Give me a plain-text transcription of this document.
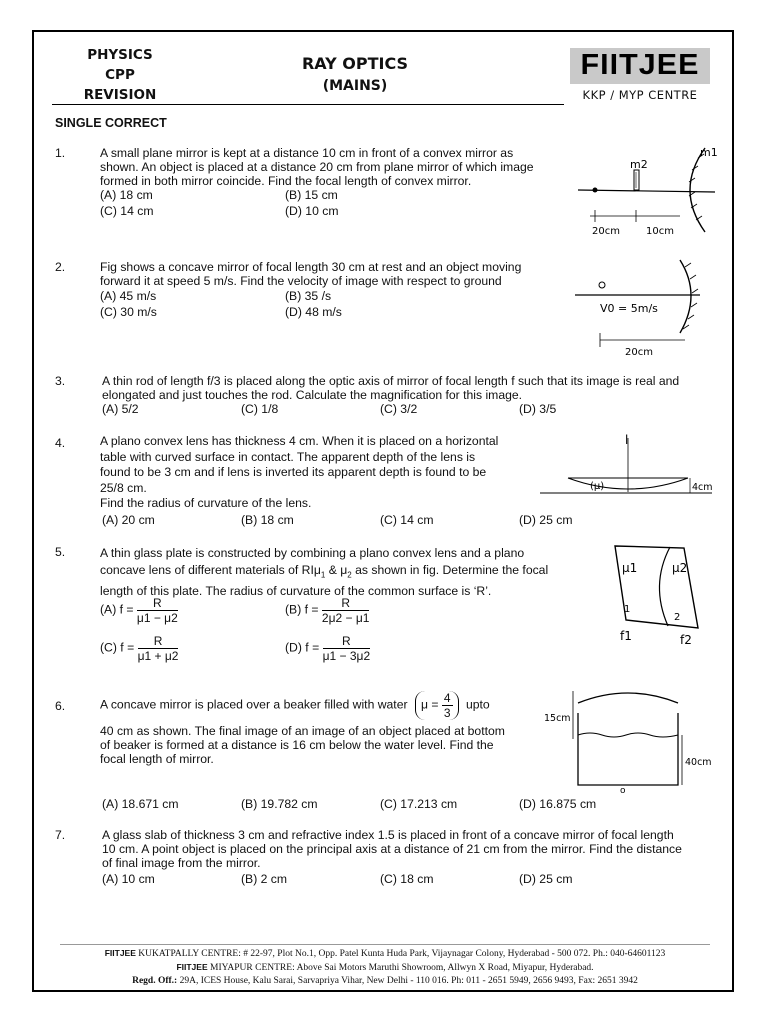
PHYSICS
CPP
REVISION
RAY OPTICS
(MAINS)
FIITJEE
KKP / MYP CENTRE
SINGLE CORRECT
1.	A small plane mirror is kept at a distance 10 cm in front of a convex mirror as
shown. An object is placed at a distance 20 cm from plane mirror of which image
formed in both mirror coincide. Find the focal length of convex mirror.
(A) 18 cm	(B) 15 cm
(C) 14 cm	(D) 10 cm
m2
m1
20cm	10cm
2.	Fig shows a concave mirror of focal length 30 cm at rest and an object moving
forward it at speed 5 m/s. Find the velocity of image with respect to ground
(A) 45 m/s	(B) 35 /s
(C) 30 m/s	(D) 48 m/s	V0 = 5m/s
20cm
3.	A thin rod of length f/3 is placed along the optic axis of mirror of focal length f such that its image is real and
elongated and just touches the rod. Calculate the magnification for this image.
(A) 5/2	(C) 1/8	(C) 3/2	(D) 3/5
4.	A plano convex lens has thickness 4 cm. When it is placed on a horizontal
table with curved surface in contact. The apparent depth of the lens is
found to be 3 cm and if lens is inverted its apparent depth is found to be
25/8 cm.
Find the radius of curvature of the lens.
(A) 20 cm	(B) 18 cm	(C) 14 cm	(D) 25 cm
l
(μ)	4cm
5.	A thin glass plate is constructed by combining a plano convex lens and a plano
concave lens of different materials of RIμ$_1$ & $\mu_2$ as shown in fig. Determine the focal
length of this plate. The radius of curvature of the common surface is ‘R’.
(A) $f = \frac{R}{\mu 1 - \mu 2}$	(B) $f = \frac{R}{2\mu 2 - \mu 1}$
(C) $f = \frac{R}{\mu 1 + \mu 2}$	(D) $f = \frac{R}{\mu 1 - 3\mu 2}$
μ1	μ2
1
2
f1	f2
6.	A concave mirror is placed over a beaker filled with water $\mu = \frac{4}{3}$ upto
40 cm as shown. The final image of an image of an object placed at bottom
of beaker is formed at a distance is 16 cm below the water level. Find the
focal length of mirror.
(A) 18.671 cm	(B) 19.782 cm	(C) 17.213 cm	(D) 16.875 cm
15cm
40cm
o
7.	A glass slab of thickness 3 cm and refractive index 1.5 is placed in front of a concave mirror of focal length
10 cm. A point object is placed on the principal axis at a distance of 21 cm from the mirror. Find the distance
of final image from the mirror.
(A) 10 cm	(B) 2 cm	(C) 18 cm	(D) 25 cm
FIITJEE KUKATPALLY CENTRE: # 22-97, Plot No.1, Opp. Patel Kunta Huda Park, Vijaynagar Colony, Hyderabad - 500 072. Ph.: 040-64601123
FIITJEE MIYAPUR CENTRE: Above Sai Motors Maruthi Showroom, Allwyn X Road, Miyapur, Hyderabad.
Regd. Off.: 29A, ICES House, Kalu Sarai, Sarvapriya Vihar, New Delhi - 110 016. Ph: 011 - 2651 5949, 2656 9493, Fax: 2651 3942
